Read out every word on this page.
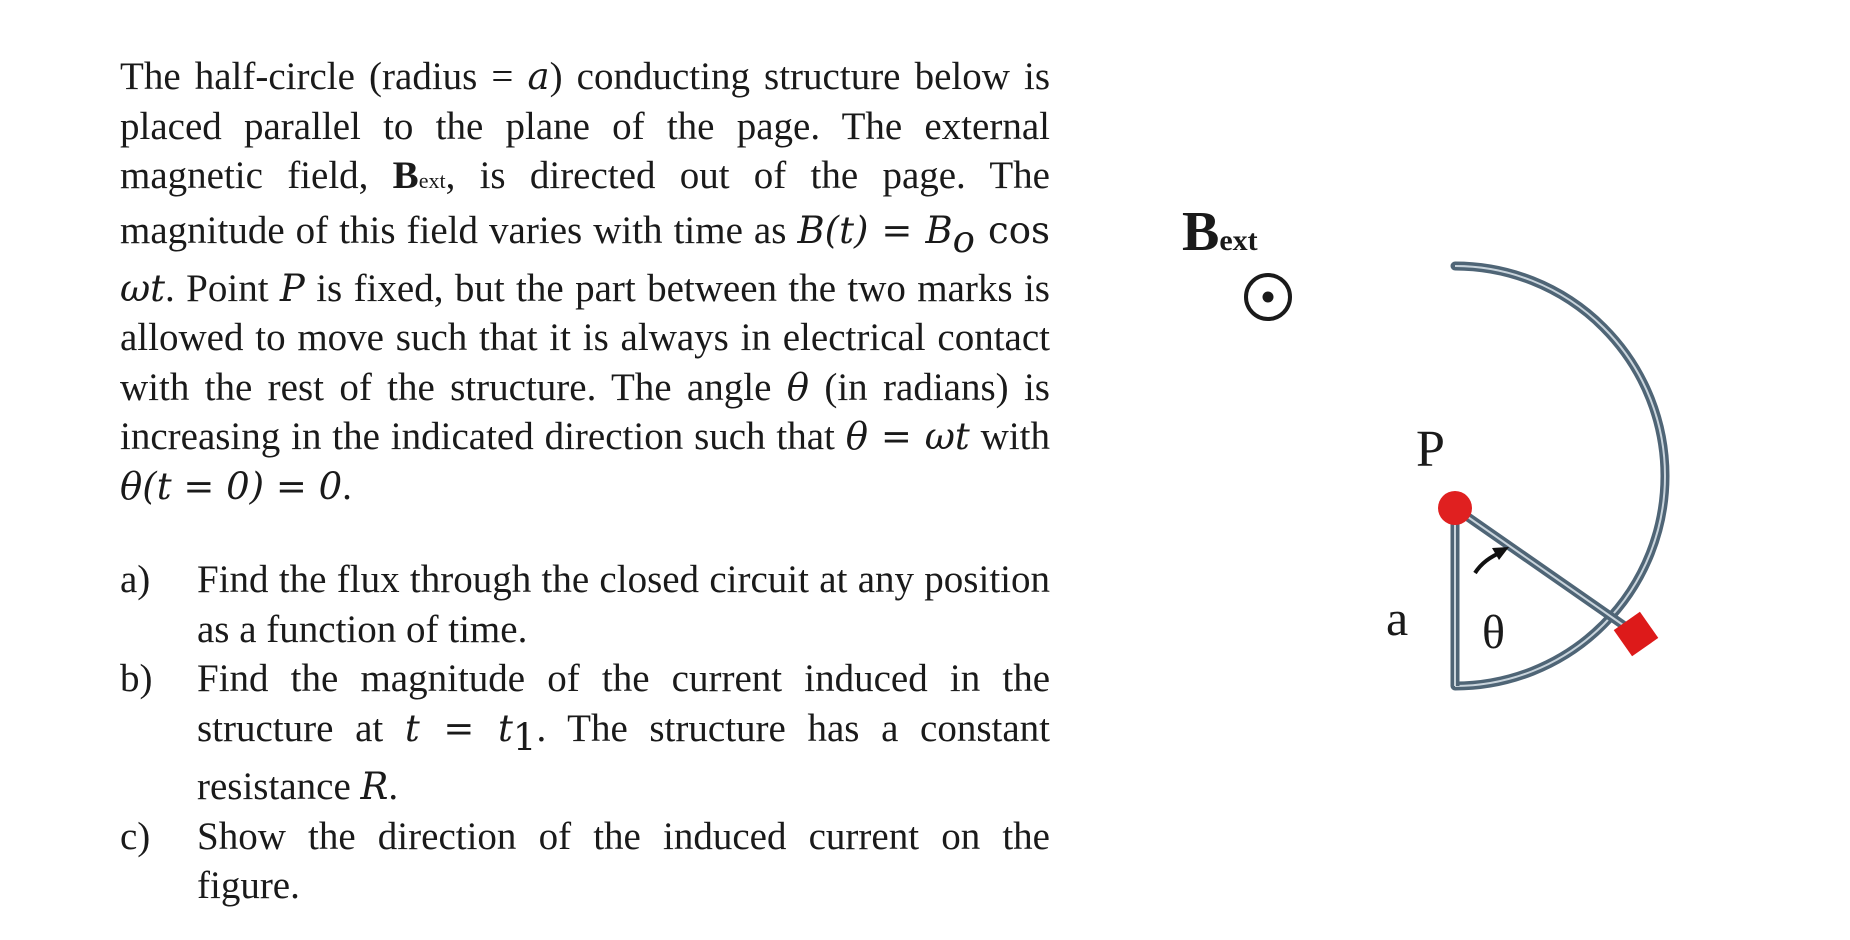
The half-circle (radius = a) conducting structure below is placed parallel to the plane of the page. The external magnetic field, Bext, is directed out of the page. The magnitude of this field varies with time as $B(t) = B_o$ cos ωt. Point P is fixed, but the part between the two marks is allowed to move such that it is always in electrical contact with the rest of the structure. The angle θ (in radians) is increasing in the indicated direction such that θ = ωt with θ(t = 0) = 0.

a) Find the flux through the closed circuit at any position as a function of time.
b) Find the magnitude of the current induced in the structure at $t = t_1$. The structure has a constant resistance R.
c) Show the direction of the induced current on the figure.
Bext
P
a θ
